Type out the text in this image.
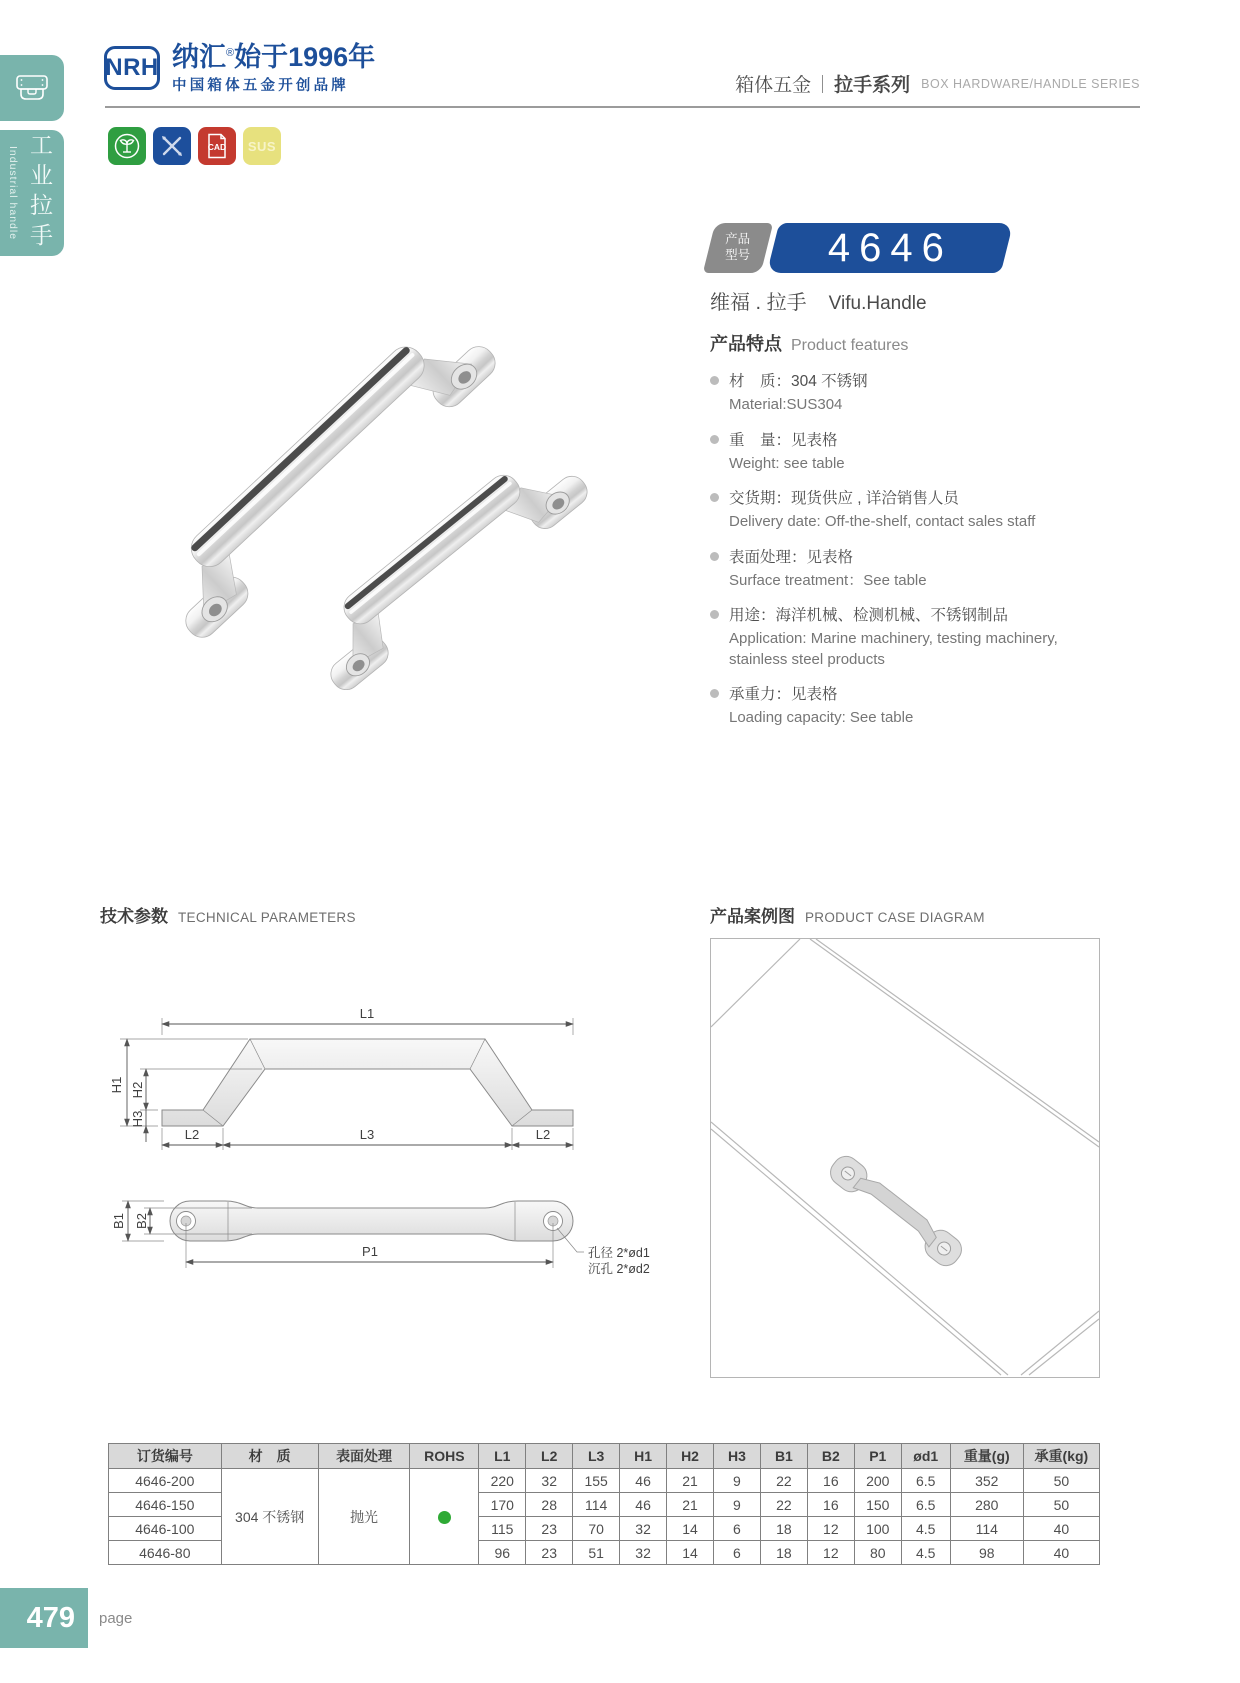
Industrial handle 工业拉手
NRH 纳汇®始于1996年
中国箱体五金开创品牌	箱体五金 拉手系列 BOX HARDWARE/HANDLE SERIES
CAD SUS
产品
型号 4646
维福 . 拉手 Vifu.Handle
产品特点 Product features
材　质：304 不锈钢
Material:SUS304
重　量：见表格
Weight: see table
交货期：现货供应 , 详洽销售人员
Delivery date: Off-the-shelf, contact sales staff
表面处理：见表格
Surface treatment：See table
用途：海洋机械、检测机械、不锈钢制品
Application: Marine machinery, testing machinery, stainless steel products
承重力：见表格
Loading capacity: See table
技术参数 TECHNICAL PARAMETERS	产品案例图 PRODUCT CASE DIAGRAM
L1
H1 H2
H3
L2	L3	L2
B1 B2
P1	孔径 2*ød1
沉孔 2*ød2
订货编号	材　质	表面处理	ROHS	L1	L2	L3	H1	H2	H3	B1	B2	P1	ød1	重量(g)	承重(kg)
4646-200	304 不锈钢	抛光		220	32	155	46	21	9	22	16	200	6.5	352	50
4646-150				170	28	114	46	21	9	22	16	150	6.5	280	50
4646-100				115	23	70	32	14	6	18	12	100	4.5	114	40
4646-80				96	23	51	32	14	6	18	12	80	4.5	98	40
479 page
